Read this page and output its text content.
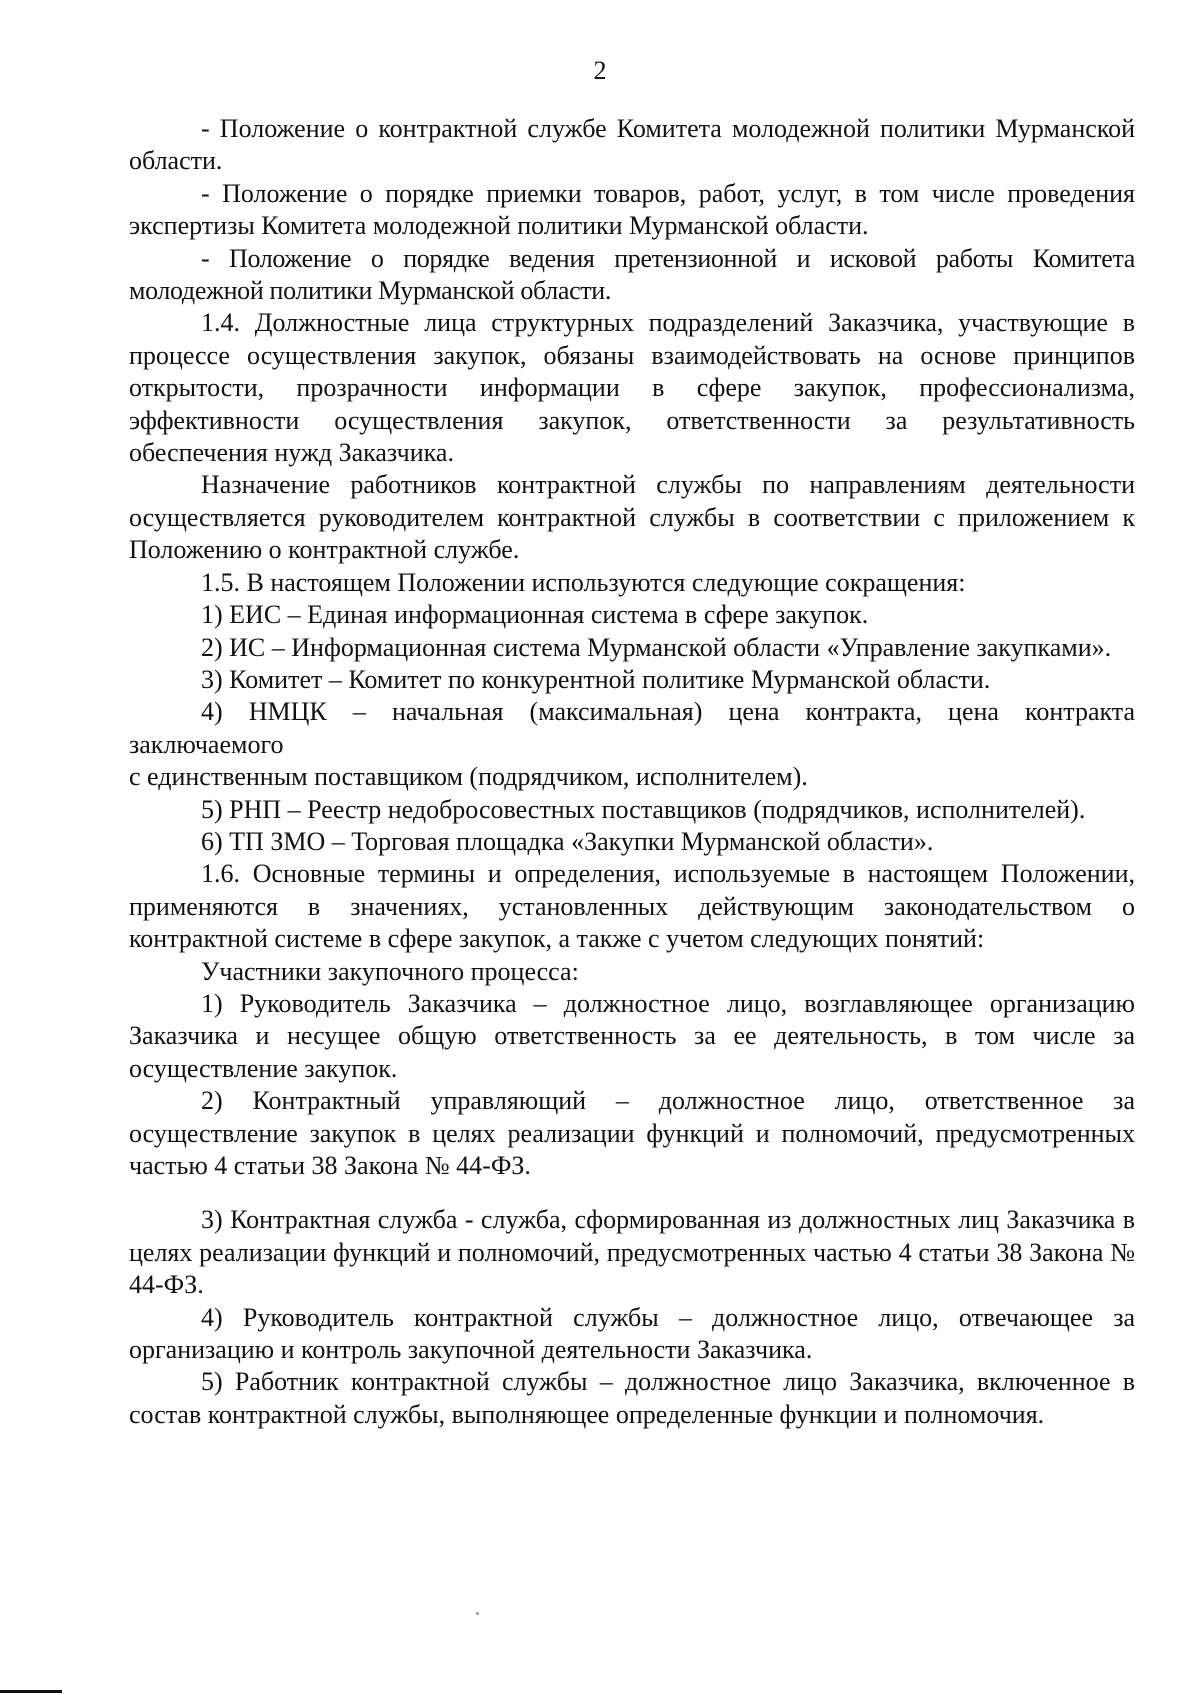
2

- Положение о контрактной службе Комитета молодежной политики Мурманской области.

- Положение о порядке приемки товаров, работ, услуг, в том числе проведения экспертизы Комитета молодежной политики Мурманской области.

- Положение о порядке ведения претензионной и исковой работы Комитета молодежной политики Мурманской области.

1.4. Должностные лица структурных подразделений Заказчика, участвующие в процессе осуществления закупок, обязаны взаимодействовать на основе принципов открытости, прозрачности информации в сфере закупок, профессионализма, эффективности осуществления закупок, ответственности за результативность обеспечения нужд Заказчика.

Назначение работников контрактной службы по направлениям деятельности осуществляется руководителем контрактной службы в соответствии с приложением к Положению о контрактной службе.

1.5. В настоящем Положении используются следующие сокращения:

1) ЕИС – Единая информационная система в сфере закупок.

2) ИС – Информационная система Мурманской области «Управление закупками».

3) Комитет – Комитет по конкурентной политике Мурманской области.

4) НМЦК – начальная (максимальная) цена контракта, цена контракта заключаемого

с единственным поставщиком (подрядчиком, исполнителем).

5) РНП – Реестр недобросовестных поставщиков (подрядчиков, исполнителей).

6) ТП ЗМО – Торговая площадка «Закупки Мурманской области».

1.6. Основные термины и определения, используемые в настоящем Положении, применяются в значениях, установленных действующим законодательством о контрактной системе в сфере закупок, а также с учетом следующих понятий:

Участники закупочного процесса:

1) Руководитель Заказчика – должностное лицо, возглавляющее организацию Заказчика и несущее общую ответственность за ее деятельность, в том числе за осуществление закупок.

2) Контрактный управляющий – должностное лицо, ответственное за осуществление закупок в целях реализации функций и полномочий, предусмотренных частью 4 статьи 38 Закона № 44-ФЗ.

3) Контрактная служба - служба, сформированная из должностных лиц Заказчика в целях реализации функций и полномочий, предусмотренных частью 4 статьи 38 Закона № 44-ФЗ.

4) Руководитель контрактной службы – должностное лицо, отвечающее за организацию и контроль закупочной деятельности Заказчика.

5) Работник контрактной службы – должностное лицо Заказчика, включенное в состав контрактной службы, выполняющее определенные функции и полномочия.
